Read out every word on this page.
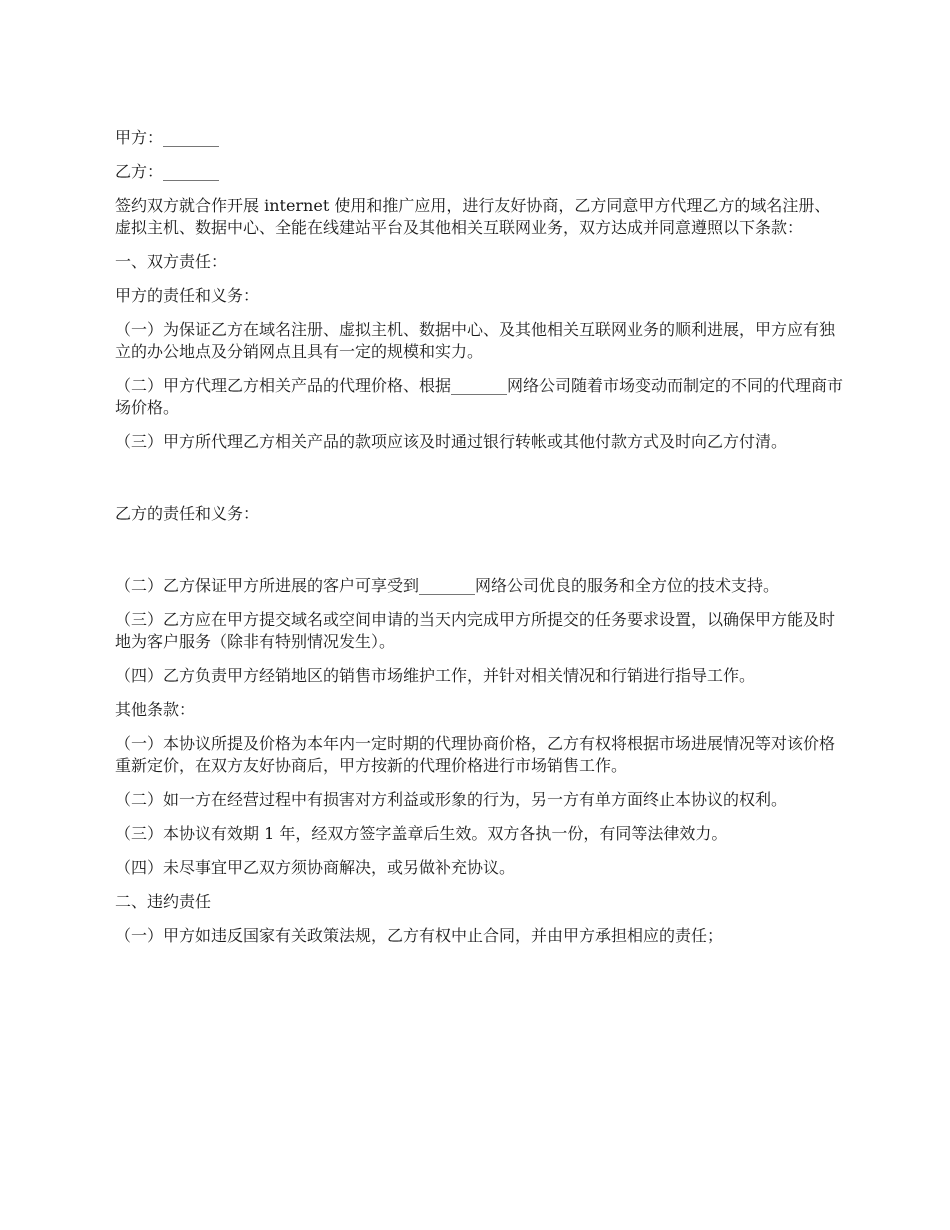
甲方：_______

乙方：_______

签约双方就合作开展 internet 使用和推广应用，进行友好协商，乙方同意甲方代理乙方的域名注册、虚拟主机、数据中心、全能在线建站平台及其他相关互联网业务，双方达成并同意遵照以下条款：

一、双方责任：

甲方的责任和义务：

（一）为保证乙方在域名注册、虚拟主机、数据中心、及其他相关互联网业务的顺利进展，甲方应有独立的办公地点及分销网点且具有一定的规模和实力。

（二）甲方代理乙方相关产品的代理价格、根据_______网络公司随着市场变动而制定的不同的代理商市场价格。

（三）甲方所代理乙方相关产品的款项应该及时通过银行转帐或其他付款方式及时向乙方付清。

乙方的责任和义务：

（二）乙方保证甲方所进展的客户可享受到_______网络公司优良的服务和全方位的技术支持。

（三）乙方应在甲方提交域名或空间申请的当天内完成甲方所提交的任务要求设置，以确保甲方能及时地为客户服务（除非有特别情况发生）。

（四）乙方负责甲方经销地区的销售市场维护工作，并针对相关情况和行销进行指导工作。

其他条款：

（一）本协议所提及价格为本年内一定时期的代理协商价格，乙方有权将根据市场进展情况等对该价格重新定价，在双方友好协商后，甲方按新的代理价格进行市场销售工作。

（二）如一方在经营过程中有损害对方利益或形象的行为，另一方有单方面终止本协议的权利。

（三）本协议有效期 1 年，经双方签字盖章后生效。双方各执一份，有同等法律效力。

（四）未尽事宜甲乙双方须协商解决，或另做补充协议。

二、违约责任

（一）甲方如违反国家有关政策法规，乙方有权中止合同，并由甲方承担相应的责任；
